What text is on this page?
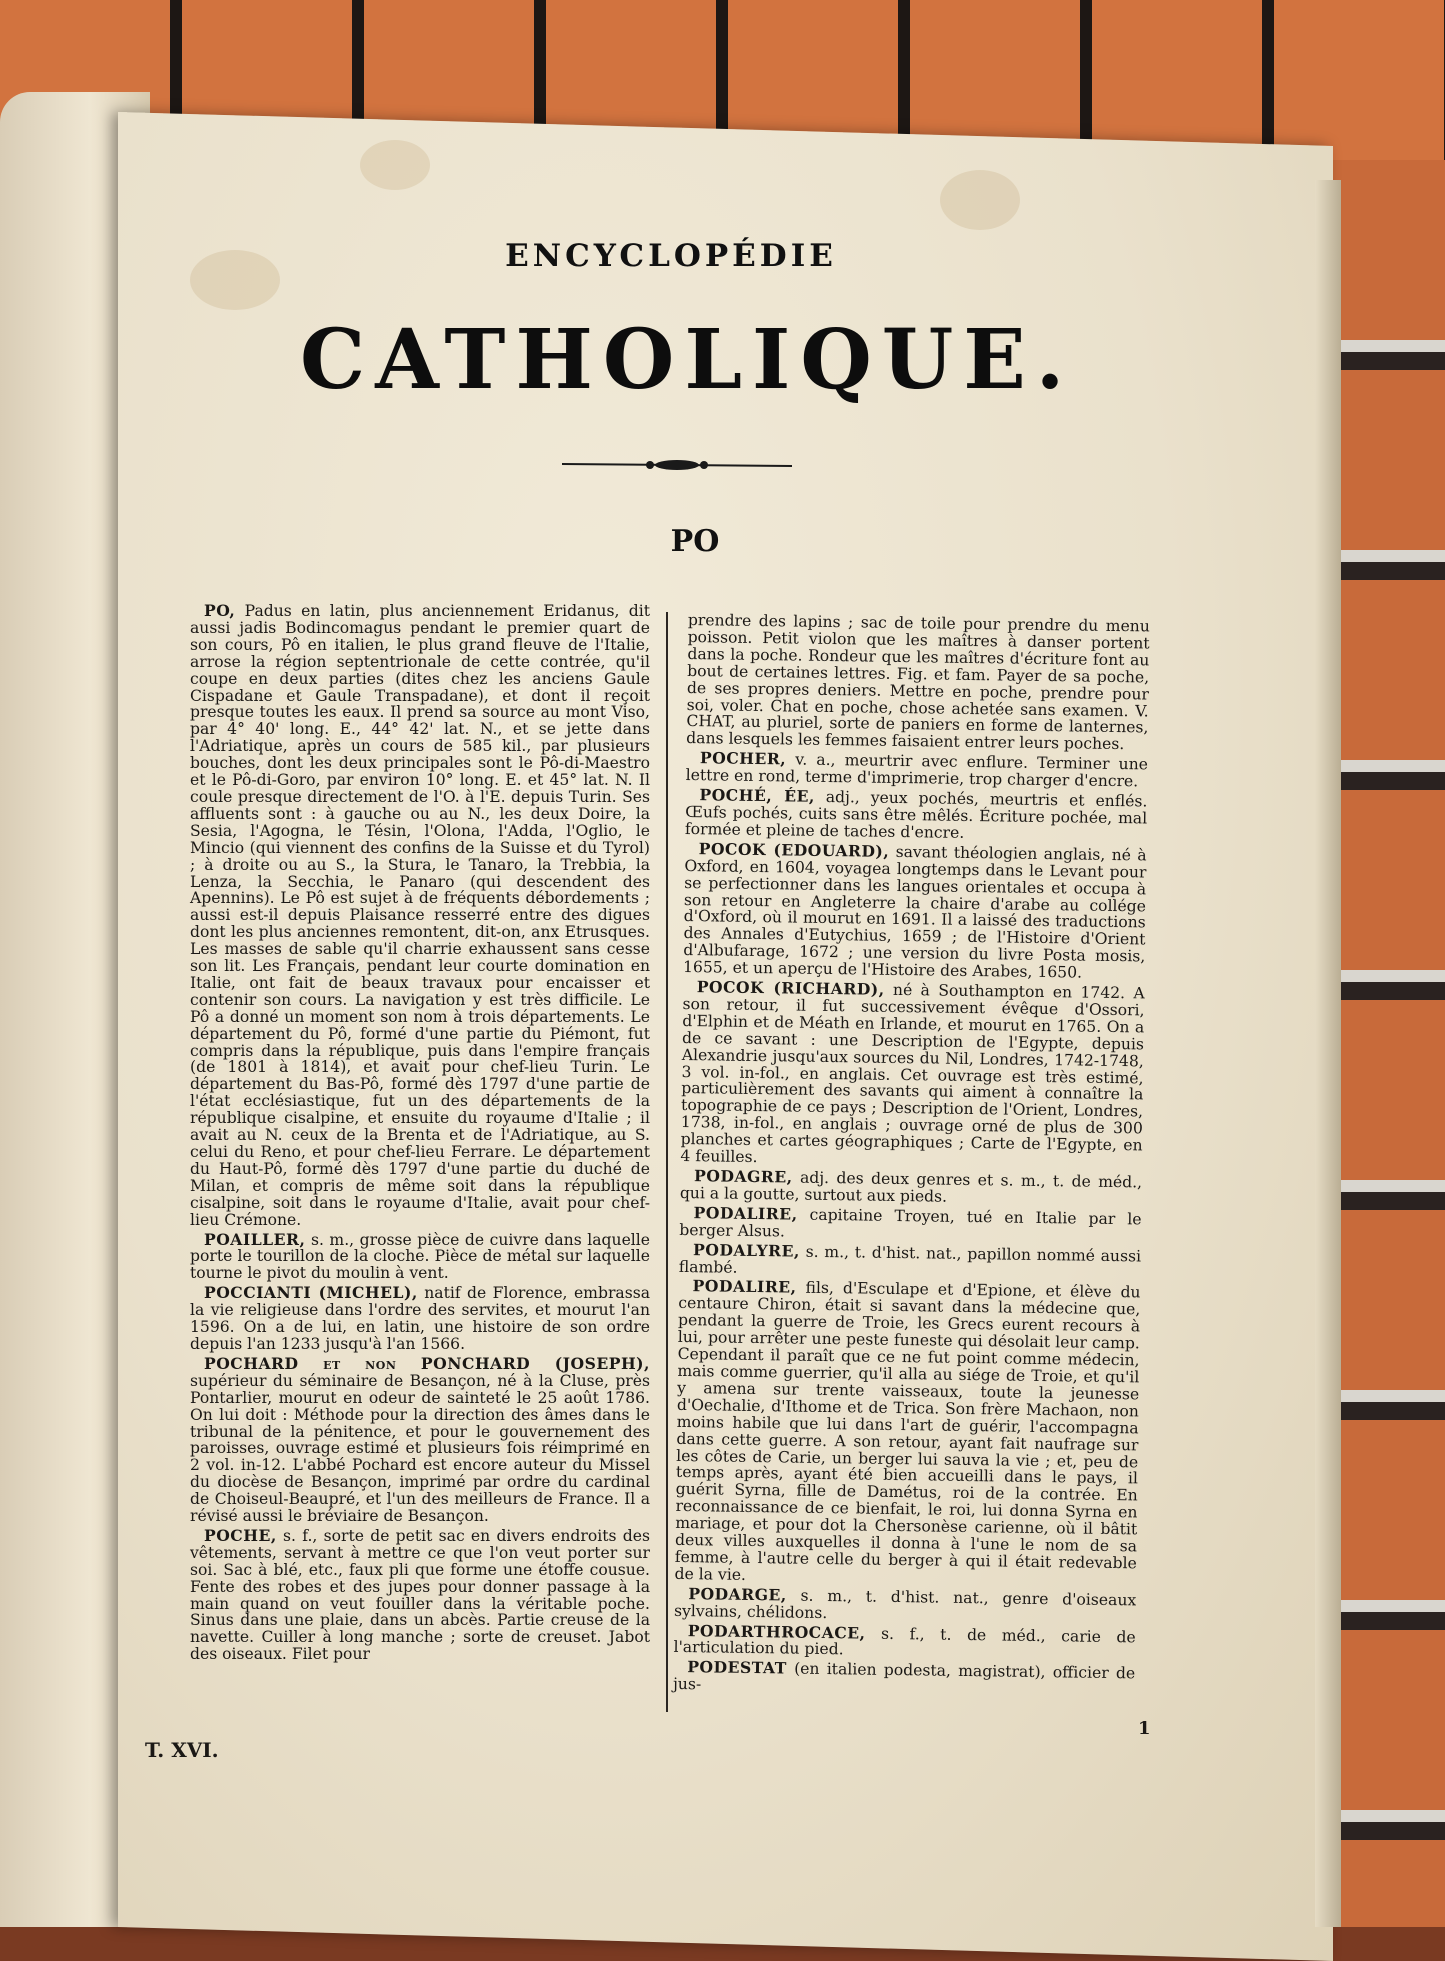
ENCYCLOPÉDIE
CATHOLIQUE.
PO

PO, Padus en latin, plus anciennement Eridanus, dit aussi jadis Bodincomagus pendant le premier quart de son cours, Pô en italien, le plus grand fleuve de l'Italie, arrose la région septentrionale de cette contrée, qu'il coupe en deux parties (dites chez les anciens Gaule Cispadane et Gaule Transpadane), et dont il reçoit presque toutes les eaux. Il prend sa source au mont Viso, par 4° 40' long. E., 44° 42' lat. N., et se jette dans l'Adriatique, après un cours de 585 kil., par plusieurs bouches, dont les deux principales sont le Pô-di-Maestro et le Pô-di-Goro, par environ 10° long. E. et 45° lat. N. Il coule presque directement de l'O. à l'E. depuis Turin. Ses affluents sont : à gauche ou au N., les deux Doire, la Sesia, l'Agogna, le Tésin, l'Olona, l'Adda, l'Oglio, le Mincio (qui viennent des confins de la Suisse et du Tyrol) ; à droite ou au S., la Stura, le Tanaro, la Trebbia, la Lenza, la Secchia, le Panaro (qui descendent des Apennins). Le Pô est sujet à de fréquents débordements ; aussi est-il depuis Plaisance resserré entre des digues dont les plus anciennes remontent, dit-on, anx Etrusques. Les masses de sable qu'il charrie exhaussent sans cesse son lit. Les Français, pendant leur courte domination en Italie, ont fait de beaux travaux pour encaisser et contenir son cours. La navigation y est très difficile. Le Pô a donné un moment son nom à trois départements. Le département du Pô, formé d'une partie du Piémont, fut compris dans la république, puis dans l'empire français (de 1801 à 1814), et avait pour chef-lieu Turin. Le département du Bas-Pô, formé dès 1797 d'une partie de l'état ecclésiastique, fut un des départements de la république cisalpine, et ensuite du royaume d'Italie ; il avait au N. ceux de la Brenta et de l'Adriatique, au S. celui du Reno, et pour chef-lieu Ferrare. Le département du Haut-Pô, formé dès 1797 d'une partie du duché de Milan, et compris de même soit dans la république cisalpine, soit dans le royaume d'Italie, avait pour chef-lieu Crémone.

POAILLER, s. m., grosse pièce de cuivre dans laquelle porte le tourillon de la cloche. Pièce de métal sur laquelle tourne le pivot du moulin à vent.

POCCIANTI (MICHEL), natif de Florence, embrassa la vie religieuse dans l'ordre des servites, et mourut l'an 1596. On a de lui, en latin, une histoire de son ordre depuis l'an 1233 jusqu'à l'an 1566.

POCHARD et non PONCHARD (JOSEPH), supérieur du séminaire de Besançon, né à la Cluse, près Pontarlier, mourut en odeur de sainteté le 25 août 1786. On lui doit : Méthode pour la direction des âmes dans le tribunal de la pénitence, et pour le gouvernement des paroisses, ouvrage estimé et plusieurs fois réimprimé en 2 vol. in-12. L'abbé Pochard est encore auteur du Missel du diocèse de Besançon, imprimé par ordre du cardinal de Choiseul-Beaupré, et l'un des meilleurs de France. Il a révisé aussi le bréviaire de Besançon.

POCHE, s. f., sorte de petit sac en divers endroits des vêtements, servant à mettre ce que l'on veut porter sur soi. Sac à blé, etc., faux pli que forme une étoffe cousue. Fente des robes et des jupes pour donner passage à la main quand on veut fouiller dans la véritable poche. Sinus dans une plaie, dans un abcès. Partie creuse de la navette. Cuiller à long manche ; sorte de creuset. Jabot des oiseaux. Filet pour

prendre des lapins ; sac de toile pour prendre du menu poisson. Petit violon que les maîtres à danser portent dans la poche. Rondeur que les maîtres d'écriture font au bout de certaines lettres. Fig. et fam. Payer de sa poche, de ses propres deniers. Mettre en poche, prendre pour soi, voler. Chat en poche, chose achetée sans examen. V. CHAT, au pluriel, sorte de paniers en forme de lanternes, dans lesquels les femmes faisaient entrer leurs poches.

POCHER, v. a., meurtrir avec enflure. Terminer une lettre en rond, terme d'imprimerie, trop charger d'encre.

POCHÉ, ÉE, adj., yeux pochés, meurtris et enflés. Œufs pochés, cuits sans être mêlés. Écriture pochée, mal formée et pleine de taches d'encre.

POCOK (EDOUARD), savant théologien anglais, né à Oxford, en 1604, voyagea longtemps dans le Levant pour se perfectionner dans les langues orientales et occupa à son retour en Angleterre la chaire d'arabe au collége d'Oxford, où il mourut en 1691. Il a laissé des traductions des Annales d'Eutychius, 1659 ; de l'Histoire d'Orient d'Albufarage, 1672 ; une version du livre Posta mosis, 1655, et un aperçu de l'Histoire des Arabes, 1650.

POCOK (RICHARD), né à Southampton en 1742. A son retour, il fut successivement évêque d'Ossori, d'Elphin et de Méath en Irlande, et mourut en 1765. On a de ce savant : une Description de l'Egypte, depuis Alexandrie jusqu'aux sources du Nil, Londres, 1742-1748, 3 vol. in-fol., en anglais. Cet ouvrage est très estimé, particulièrement des savants qui aiment à connaître la topographie de ce pays ; Description de l'Orient, Londres, 1738, in-fol., en anglais ; ouvrage orné de plus de 300 planches et cartes géographiques ; Carte de l'Egypte, en 4 feuilles.

PODAGRE, adj. des deux genres et s. m., t. de méd., qui a la goutte, surtout aux pieds.

PODALIRE, capitaine Troyen, tué en Italie par le berger Alsus.

PODALYRE, s. m., t. d'hist. nat., papillon nommé aussi flambé.

PODALIRE, fils, d'Esculape et d'Epione, et élève du centaure Chiron, était si savant dans la médecine que, pendant la guerre de Troie, les Grecs eurent recours à lui, pour arrêter une peste funeste qui désolait leur camp. Cependant il paraît que ce ne fut point comme médecin, mais comme guerrier, qu'il alla au siége de Troie, et qu'il y amena sur trente vaisseaux, toute la jeunesse d'Oechalie, d'Ithome et de Trica. Son frère Machaon, non moins habile que lui dans l'art de guérir, l'accompagna dans cette guerre. A son retour, ayant fait naufrage sur les côtes de Carie, un berger lui sauva la vie ; et, peu de temps après, ayant été bien accueilli dans le pays, il guérit Syrna, fille de Damétus, roi de la contrée. En reconnaissance de ce bienfait, le roi, lui donna Syrna en mariage, et pour dot la Chersonèse carienne, où il bâtit deux villes auxquelles il donna à l'une le nom de sa femme, à l'autre celle du berger à qui il était redevable de la vie.

PODARGE, s. m., t. d'hist. nat., genre d'oiseaux sylvains, chélidons.

PODARTHROCACE, s. f., t. de méd., carie de l'articulation du pied.

PODESTAT (en italien podesta, magistrat), officier de jus-

T. XVI.
1
